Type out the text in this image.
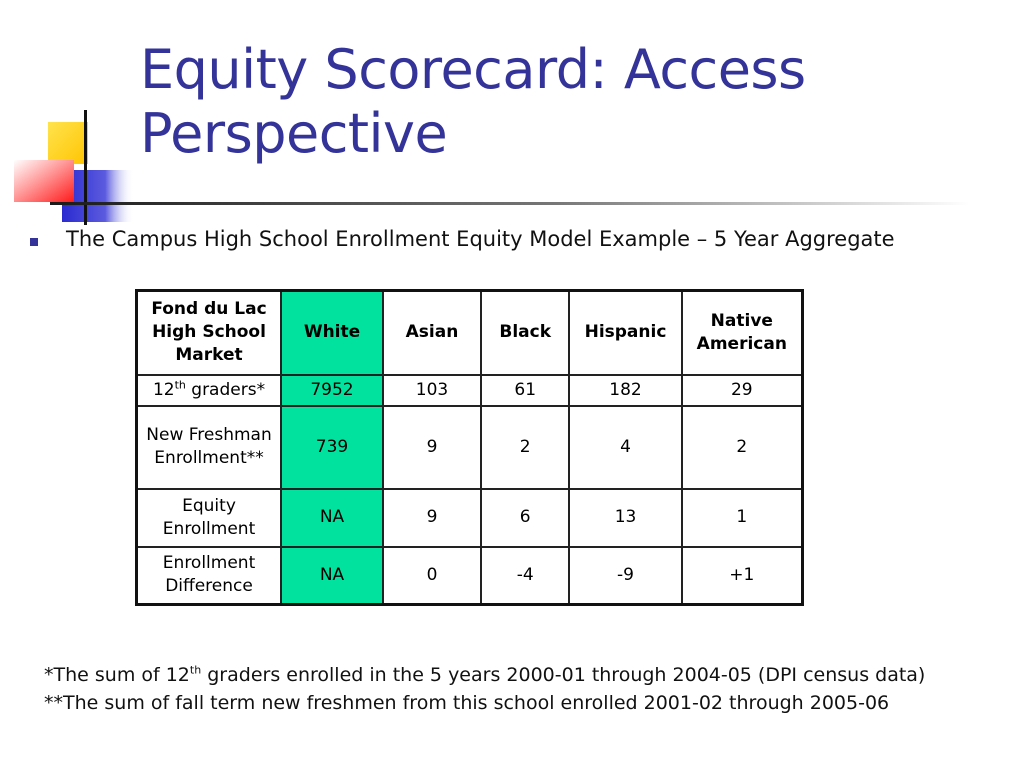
Equity Scorecard: Access Perspective
The Campus High School Enrollment Equity Model Example – 5 Year Aggregate
Fond du Lac High School Market	White	Asian	Black	Hispanic	Native American
12th graders*	7952	103	61	182	29
New Freshman Enrollment**	739	9	2	4	2
Equity Enrollment	NA	9	6	13	1
Enrollment Difference	NA	0	-4	-9	+1
*The sum of 12th graders enrolled in the 5 years 2000-01 through 2004-05 (DPI census data)
**The sum of fall term new freshmen from this school enrolled 2001-02 through 2005-06
